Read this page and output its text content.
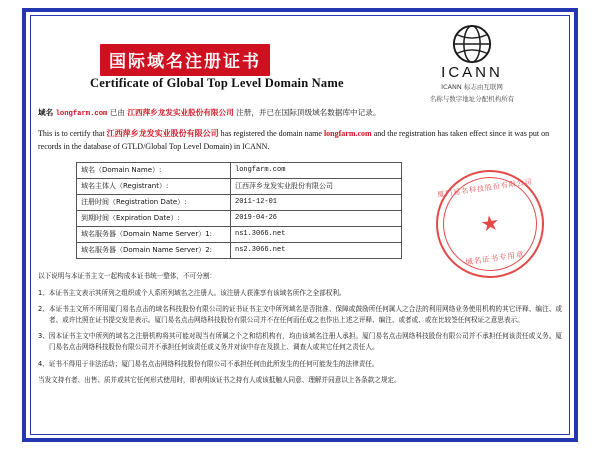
国际域名注册证书
Certificate of Global Top Level Domain Name
ICANN
ICANN 标志由互联网
名称与数字地址分配机构所有
域名 longfarm.com 已由 江西萍乡龙发实业股份有限公司 注册，并已在国际顶级域名数据库中记录。
This is to certify that 江西萍乡龙发实业股份有限公司 has registered the domain name longfarm.com and the registration has taken effect since it was put on records in the database of GTLD/Global Top Level Domain) in ICANN.
域名（Domain Name）:	longfarm.com
域名主体人（Registrant）:	江西萍乡龙发实业股份有限公司
注册时间（Registration Date）:	2011-12-01
到期时间（Expiration Date）:	2019-04-26
域名服务器（Domain Name Server）1:	ns1.3066.net
域名服务器（Domain Name Server）2:	ns2.3066.net
厦门易名科技股份有限公司
★
域名证书专用章

以下说明与本证书主文一起构成本证书统一整体，不可分割：

1、本证书主文表示其所列之组织或个人系所列域名之注册人。该注册人获准享有该域名所作之全部权利。

2、本证书主文所不所用厦门易名点击的域名科技股份有限公司的证书证书主文中所列域名是否批准、保障或鼓励所任何属人之合法的利用网络业务使用机构的其它评释、编注、或者、或许比照在证书提交发是表示。厦门易名点击网络科技股份有限公司并不在任何而任成之也作出上述之评释、编注、或者或、或在比较签任何权证之意思表示。

3、因本证书主文中所列的域名之注册机构将其可能对现当有所属之个之和结机构有，均由该域名注册人承担。厦门易名点击网络科技股份有限公司并不承担任何该责任或义务。厦门易名点击网络科技股份有限公司并不承担任何该责任或义务并对该中存在及损上、调查人或其它任何之责任人。

4、证书不得用于非法活动；厦门易名点击网络科技股份有限公司不承担任何由此所发生的任何可能发生的法律责任。

当发文持有者、出售、质并或其它任何形式使用时，即表明该证书之持有人或该抵触人同意、理解并同意以上各条款之规定。
